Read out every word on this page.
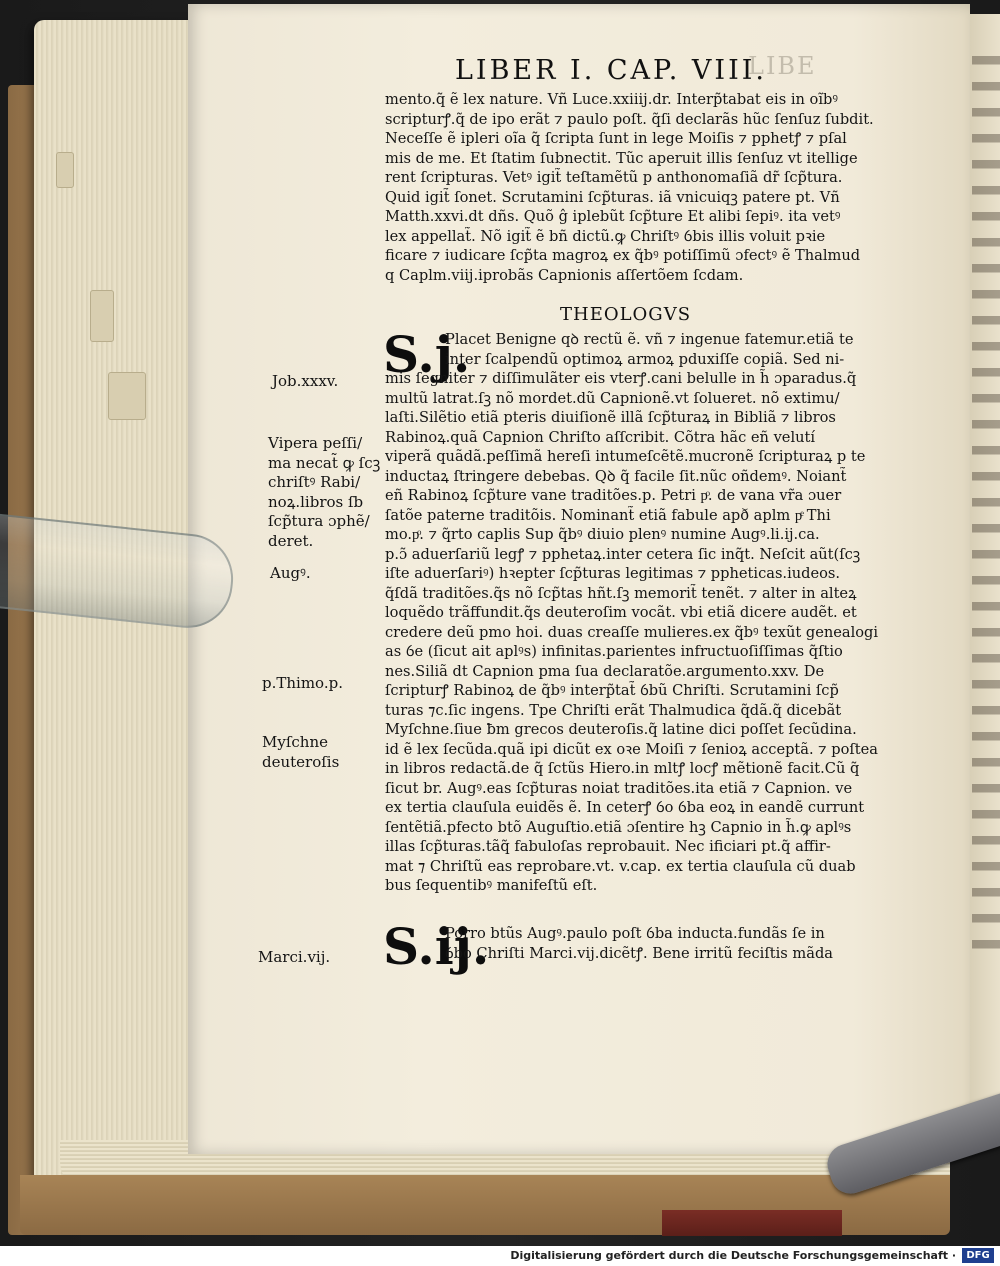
LIBE
LIBER I. CAP. VIII.
mento.q̃ ẽ lex nature. Vñ Luce.xxiiij.dr. Interp̃tabat eis in oĩbꝰ
scripturꝭ.q̃ de ipo erãt ⁊ paulo poſt. q̃ſi declarãs hũc ſenſuz ſubdit.
Neceſſe ẽ ipleri oĩa q̃ ſcripta ſunt in lege Moiſis ⁊ pphetꝭ ⁊ pſal
mis de me. Et ſtatim ſubnectit. Tũc aperuit illis ſenſuz vt itellige
rent ſcripturas. Vetꝰ igit̃ teſtamẽtũ p anthonomaſiã dr̃ ſcp̃tura.
Quid igit̃ ſonet. Scrutamini ſcp̃turas. iã vnicuiqꝫ patere pt. Vñ
Matth.xxvi.dt dñs. Quõ ĝ iplebũt ſcp̃ture Et alibi ſepiꝰ. ita vetꝰ
lex appellat̃. Nõ igit̃ ẽ bñ dictũ.ꝙ Chriſtꝰ ỽbis illis voluit pꝛie
ficare ⁊ iudicare ſcp̃ta magroꝝ ex q̃bꝰ potiſſimũ ɔfectꝰ ẽ Thalmud
q Caplm.viij.iprobãs Capnionis aſſertõem ſcdam.
THEOLOGVS
S.j.
Placet Benigne qꝺ rectũ ẽ. vñ ⁊ ingenue fatemur.etiã te
inter ſcalpendũ optimoꝝ armoꝝ pduxiſſe copiã. Sed ni-
mis ſegniter ⁊ diſſimulãter eis vterꝭ.cani belulle in h̃ ɔparadus.q̃
multũ latrat.ſꝫ nõ mordet.dũ Capnionẽ.vt ſolueret. nõ extimu/
laſti.Silẽtio etiã pteris diuiſionẽ illã ſcp̃turaꝝ in Bibliã ⁊ libros
Rabinoꝝ.quã Capnion Chriſto aſſcribit. Cõtra hãc eñ velutí
viperã quãdã.peſſimã hereſi intumeſcẽtẽ.mucronẽ ſcripturaꝝ p te
inductaꝝ ſtringere debebas. Qꝺ q̃ facile ſit.nũc oñdemꝰ. Noiant̃
eñ Rabinoꝝ ſcp̃ture vane traditões.p. Petri pͦ. de vana vr̃a ɔuer
ſatõe paterne traditõis. Nominant̃ etiã fabule apð aplm pͤ Thi
mo.pͦ. ⁊ q̃rto caplis Sup q̃bꝰ diuio plenꝰ numine Augꝰ.li.ij.ca.
p.ɔ̃ aduerſariũ legꝭ ⁊ pphetaꝝ.inter cetera ſic inq̃t. Neſcit aũt(ſcꝫ
iſte aduerſariꝰ) hꝛepter ſcp̃turas legitimas ⁊ ppheticas.iudeos.
q̃ſdã traditões.q̃s nõ ſcp̃tas hñt.ſꝫ memorit̃ tenẽt. ⁊ alter in alteꝝ
loquẽdo trãffundit.q̃s deuteroſim vocãt. vbi etiã dicere audẽt. et
credere deũ pmo hoi. duas creaſſe mulieres.ex q̃bꝰ texũt genealogi
as ỽe (ſicut ait aplꝰs) infinitas.parientes infructuoſiſſimas q̃ſtio
nes.Siliã dt Capnion pma ſua declaratõe.argumento.xxv. De
ſcripturꝭ Rabinoꝝ de q̃bꝰ interp̃tat̃ ỽbũ Chriſti. Scrutamini ſcp̃
turas ⁊c.ſic ingens. Tpe Chriſti erãt Thalmudica q̃dã.q̃ dicebãt
Myſchne.ſiue ƀm grecos deuteroſis.q̃ latine dici poſſet ſecũdina.
id ẽ lex ſecũda.quã ipi dicũt ex oꝛe Moiſi ⁊ ſenioꝝ acceptã. ⁊ poſtea
in libros redactã.de q̃ ſctũs Hiero.in mltꝭ locꝭ mẽtionẽ facit.Cũ q̃
ſicut br. Augꝰ.eas ſcp̃turas noiat traditões.ita etiã ⁊ Capnion. ve
ex tertia clauſula euidẽs ẽ. In ceterꝭ ỽo ỽba eoꝝ in eandẽ currunt
ſentẽtiã.pfecto btõ Auguſtio.etiã ɔſentire hꝫ Capnio in h̃.ꝙ aplꝰs
illas ſcp̃turas.tãq̃ fabuloſas reprobauit. Nec ificiari pt.q̃ affir-
mat ⁊ Chriſtũ eas reprobare.vt. v.cap. ex tertia clauſula cũ duab
bus ſequentibꝰ manifeſtũ eſt.
S.ij.
Porro btũs Augꝰ.paulo poſt ỽba inducta.fundãs ſe in
ỽbo Chriſti Marci.vij.dicẽtꝭ. Bene irritũ feciſtis mãda
Job.xxxv.
Vipera peſſi/
ma necat̃ ꝙ ſcꝫ
chriſtꝰ Rabi/
noꝝ.libros ſb
ſcp̃tura ɔphẽ/
deret.
Augꝰ.
p.Thimo.p.
Myſchne
deuteroſis
Marci.vij.
Digitalisierung gefördert durch die Deutsche Forschungsgemeinschaft ·	DFG
